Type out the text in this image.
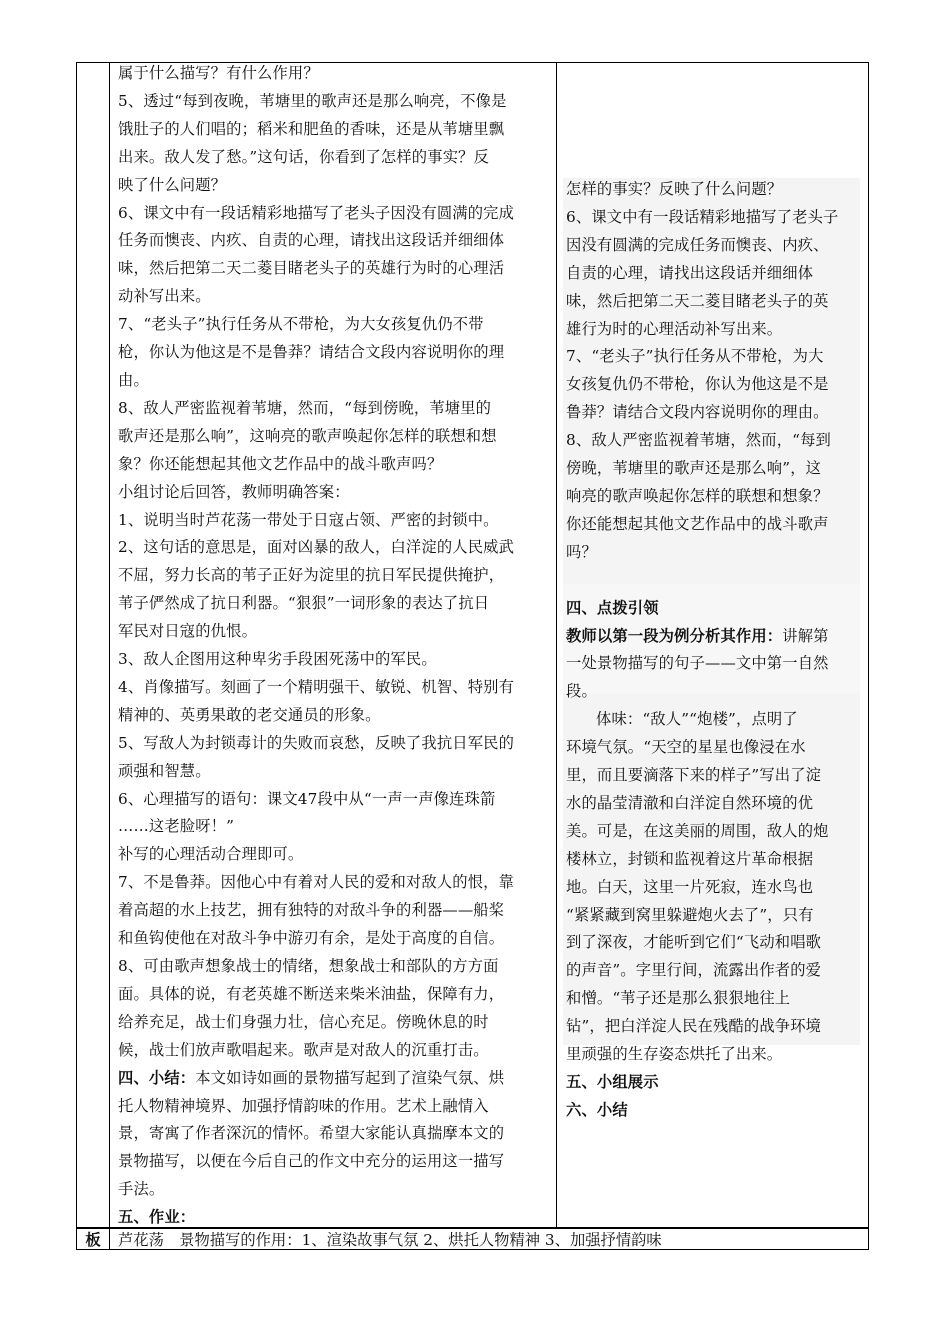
属于什么描写？有什么作用？

5、透过“每到夜晚，苇塘里的歌声还是那么响亮，不像是

饿肚子的人们唱的；稻米和肥鱼的香味，还是从苇塘里飘

出来。敌人发了愁。”这句话，你看到了怎样的事实？反

映了什么问题？

6、课文中有一段话精彩地描写了老头子因没有圆满的完成

任务而懊丧、内疚、自责的心理，请找出这段话并细细体

味，然后把第二天二菱目睹老头子的英雄行为时的心理活

动补写出来。

7、“老头子”执行任务从不带枪，为大女孩复仇仍不带

枪，你认为他这是不是鲁莽？请结合文段内容说明你的理

由。

8、敌人严密监视着苇塘，然而，“每到傍晚，苇塘里的

歌声还是那么响”，这响亮的歌声唤起你怎样的联想和想

象？你还能想起其他文艺作品中的战斗歌声吗？

小组讨论后回答，教师明确答案：

1、说明当时芦花荡一带处于日寇占领、严密的封锁中。

2、这句话的意思是，面对凶暴的敌人，白洋淀的人民威武

不屈，努力长高的苇子正好为淀里的抗日军民提供掩护，

苇子俨然成了抗日利器。“狠狠”一词形象的表达了抗日

军民对日寇的仇恨。

3、敌人企图用这种卑劣手段困死荡中的军民。

4、肖像描写。刻画了一个精明强干、敏锐、机智、特别有

精神的、英勇果敢的老交通员的形象。

5、写敌人为封锁毒计的失败而哀愁，反映了我抗日军民的

顽强和智慧。

6、心理描写的语句：课文47段中从“一声一声像连珠箭

……这老脸呀！”

补写的心理活动合理即可。

7、不是鲁莽。因他心中有着对人民的爱和对敌人的恨，靠

着高超的水上技艺，拥有独特的对敌斗争的利器——船桨

和鱼钩使他在对敌斗争中游刃有余，是处于高度的自信。

8、可由歌声想象战士的情绪，想象战士和部队的方方面

面。具体的说，有老英雄不断送来柴米油盐，保障有力，

给养充足，战士们身强力壮，信心充足。傍晚休息的时

候，战士们放声歌唱起来。歌声是对敌人的沉重打击。

四、小结：本文如诗如画的景物描写起到了渲染气氛、烘

托人物精神境界、加强抒情韵味的作用。艺术上融情入

景，寄寓了作者深沉的情怀。希望大家能认真揣摩本文的

景物描写，以便在今后自己的作文中充分的运用这一描写

手法。

五、作业：

怎样的事实？反映了什么问题？

6、课文中有一段话精彩地描写了老头子

因没有圆满的完成任务而懊丧、内疚、

自责的心理，请找出这段话并细细体

味，然后把第二天二菱目睹老头子的英

雄行为时的心理活动补写出来。

7、“老头子”执行任务从不带枪，为大

女孩复仇仍不带枪，你认为他这是不是

鲁莽？请结合文段内容说明你的理由。

8、敌人严密监视着苇塘，然而，“每到

傍晚，苇塘里的歌声还是那么响”，这

响亮的歌声唤起你怎样的联想和想象？

你还能想起其他文艺作品中的战斗歌声

吗？

四、点拨引领

教师以第一段为例分析其作用：讲解第

一处景物描写的句子——文中第一自然

段。

体味：“敌人”“炮楼”，点明了

环境气氛。“天空的星星也像浸在水

里，而且要滴落下来的样子”写出了淀

水的晶莹清澈和白洋淀自然环境的优

美。可是，在这美丽的周围，敌人的炮

楼林立，封锁和监视着这片革命根据

地。白天，这里一片死寂，连水鸟也

“紧紧藏到窝里躲避炮火去了”，只有

到了深夜，才能听到它们“飞动和唱歌

的声音”。字里行间，流露出作者的爱

和憎。“苇子还是那么狠狠地往上

钻”，把白洋淀人民在残酷的战争环境

里顽强的生存姿态烘托了出来。

五、小组展示

六、小结

板	芦花荡　景物描写的作用：1、渲染故事气氛 2、烘托人物精神 3、加强抒情韵味
